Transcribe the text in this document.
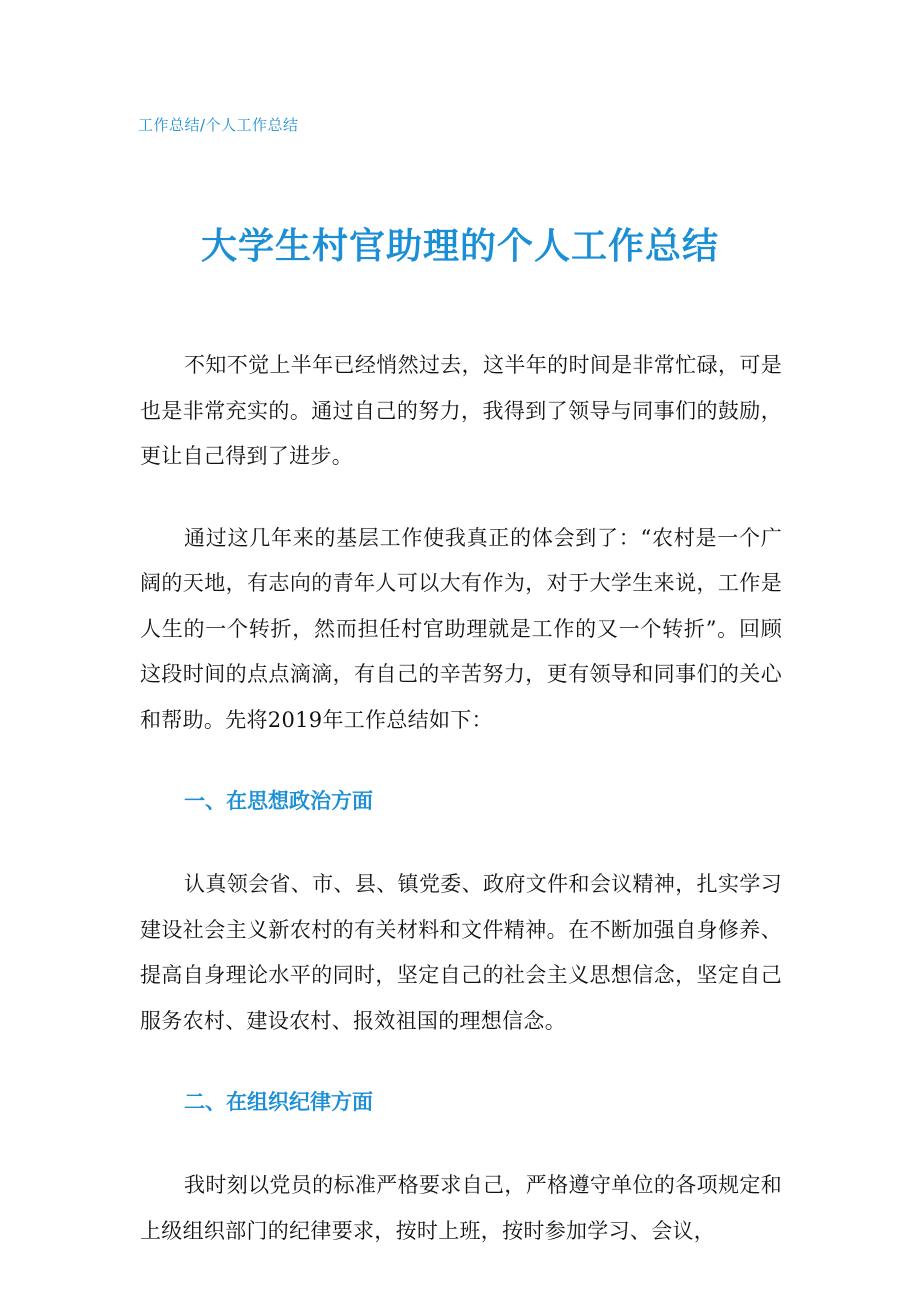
工作总结/个人工作总结
大学生村官助理的个人工作总结

不知不觉上半年已经悄然过去，这半年的时间是非常忙碌，可是也是非常充实的。通过自己的努力，我得到了领导与同事们的鼓励，更让自己得到了进步。

通过这几年来的基层工作使我真正的体会到了：“农村是一个广阔的天地，有志向的青年人可以大有作为，对于大学生来说，工作是人生的一个转折，然而担任村官助理就是工作的又一个转折”。回顾这段时间的点点滴滴，有自己的辛苦努力，更有领导和同事们的关心和帮助。先将2019年工作总结如下：

一、在思想政治方面

认真领会省、市、县、镇党委、政府文件和会议精神，扎实学习建设社会主义新农村的有关材料和文件精神。在不断加强自身修养、提高自身理论水平的同时，坚定自己的社会主义思想信念，坚定自己服务农村、建设农村、报效祖国的理想信念。

二、在组织纪律方面

我时刻以党员的标准严格要求自己，严格遵守单位的各项规定和上级组织部门的纪律要求，按时上班，按时参加学习、会议，
